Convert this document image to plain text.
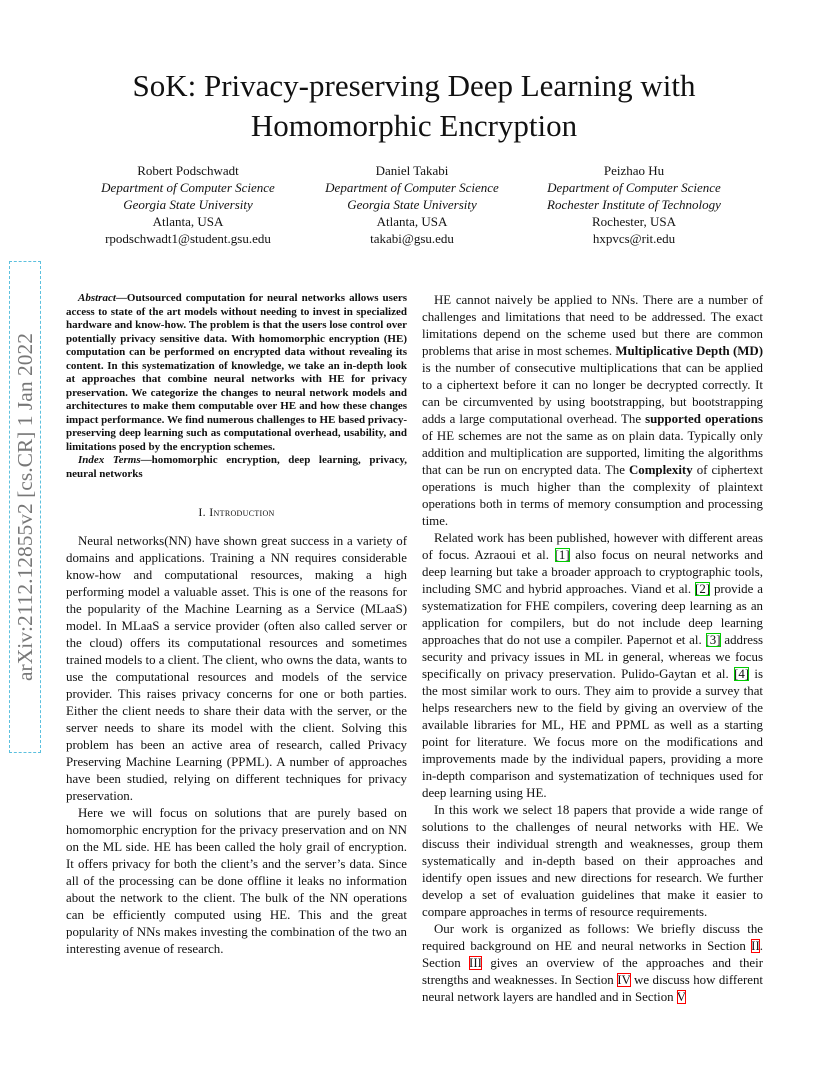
arXiv:2112.12855v2 [cs.CR] 1 Jan 2022
SoK: Privacy-preserving Deep Learning with
Homomorphic Encryption
Robert Podschwadt
Department of Computer Science
Georgia State University
Atlanta, USA
rpodschwadt1@student.gsu.edu
Daniel Takabi
Department of Computer Science
Georgia State University
Atlanta, USA
takabi@gsu.edu
Peizhao Hu
Department of Computer Science
Rochester Institute of Technology
Rochester, USA
hxpvcs@rit.edu

Abstract—Outsourced computation for neural networks allows users access to state of the art models without needing to invest in specialized hardware and know-how. The problem is that the users lose control over potentially privacy sensitive data. With homomorphic encryption (HE) computation can be performed on encrypted data without revealing its content. In this systematization of knowledge, we take an in-depth look at approaches that combine neural networks with HE for privacy preservation. We categorize the changes to neural network models and architectures to make them computable over HE and how these changes impact performance. We find numerous challenges to HE based privacy-preserving deep learning such as computational overhead, usability, and limitations posed by the encryption schemes.

Index Terms—homomorphic encryption, deep learning, privacy, neural networks

I. Introduction

Neural networks(NN) have shown great success in a variety of domains and applications. Training a NN requires considerable know-how and computational resources, making a high performing model a valuable asset. This is one of the reasons for the popularity of the Machine Learning as a Service (MLaaS) model. In MLaaS a service provider (often also called server or the cloud) offers its computational resources and sometimes trained models to a client. The client, who owns the data, wants to use the computational resources and models of the service provider. This raises privacy concerns for one or both parties. Either the client needs to share their data with the server, or the server needs to share its model with the client. Solving this problem has been an active area of research, called Privacy Preserving Machine Learning (PPML). A number of approaches have been studied, relying on different techniques for privacy preservation.

Here we will focus on solutions that are purely based on homomorphic encryption for the privacy preservation and on NN on the ML side. HE has been called the holy grail of encryption. It offers privacy for both the client’s and the server’s data. Since all of the processing can be done offline it leaks no information about the network to the client. The bulk of the NN operations can be efficiently computed using HE. This and the great popularity of NNs makes investing the combination of the two an interesting avenue of research.

HE cannot naively be applied to NNs. There are a number of challenges and limitations that need to be addressed. The exact limitations depend on the scheme used but there are common problems that arise in most schemes. Multiplicative Depth (MD) is the number of consecutive multiplications that can be applied to a ciphertext before it can no longer be decrypted correctly. It can be circumvented by using bootstrapping, but bootstrapping adds a large computational overhead. The supported operations of HE schemes are not the same as on plain data. Typically only addition and multiplication are supported, limiting the algorithms that can be run on encrypted data. The Complexity of ciphertext operations is much higher than the complexity of plaintext operations both in terms of memory consumption and processing time.

Related work has been published, however with different areas of focus. Azraoui et al. [1] also focus on neural networks and deep learning but take a broader approach to cryptographic tools, including SMC and hybrid approaches. Viand et al. [2] provide a systematization for FHE compilers, covering deep learning as an application for compilers, but do not include deep learning approaches that do not use a compiler. Papernot et al. [3] address security and privacy issues in ML in general, whereas we focus specifically on privacy preservation. Pulido-Gaytan et al. [4] is the most similar work to ours. They aim to provide a survey that helps researchers new to the field by giving an overview of the available libraries for ML, HE and PPML as well as a starting point for literature. We focus more on the modifications and improvements made by the individual papers, providing a more in-depth comparison and systematization of techniques used for deep learning using HE.

In this work we select 18 papers that provide a wide range of solutions to the challenges of neural networks with HE. We discuss their individual strength and weaknesses, group them systematically and in-depth based on their approaches and identify open issues and new directions for research. We further develop a set of evaluation guidelines that make it easier to compare approaches in terms of resource requirements.

Our work is organized as follows: We briefly discuss the required background on HE and neural networks in Section II. Section III gives an overview of the approaches and their strengths and weaknesses. In Section IV we discuss how different neural network layers are handled and in Section V
